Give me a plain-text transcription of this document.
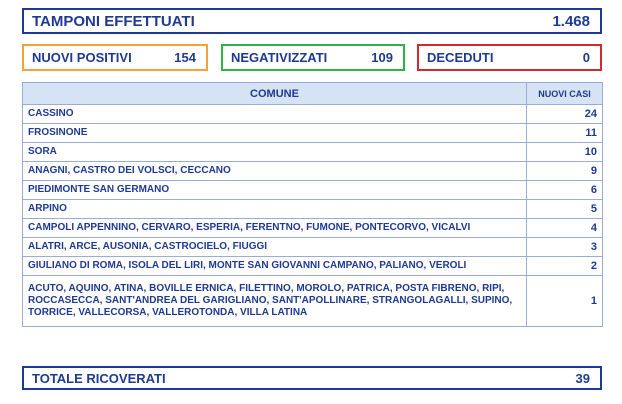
TAMPONI EFFETTUATI	1.468
NUOVI POSITIVI	154	NEGATIVIZZATI	109	DECEDUTI	0
COMUNE	NUOVI CASI
CASSINO	24
FROSINONE	11
SORA	10
ANAGNI, CASTRO DEI VOLSCI, CECCANO	9
PIEDIMONTE SAN GERMANO	6
ARPINO	5
CAMPOLI APPENNINO, CERVARO, ESPERIA, FERENTNO, FUMONE, PONTECORVO, VICALVI	4
ALATRI, ARCE, AUSONIA, CASTROCIELO, FIUGGI	3
GIULIANO DI ROMA, ISOLA DEL LIRI, MONTE SAN GIOVANNI CAMPANO, PALIANO, VEROLI	2
ACUTO, AQUINO, ATINA, BOVILLE ERNICA, FILETTINO, MOROLO, PATRICA, POSTA FIBRENO, RIPI, ROCCASECCA, SANT'ANDREA DEL GARIGLIANO, SANT'APOLLINARE, STRANGOLAGALLI, SUPINO, TORRICE, VALLECORSA, VALLEROTONDA, VILLA LATINA	1
TOTALE RICOVERATI	39
